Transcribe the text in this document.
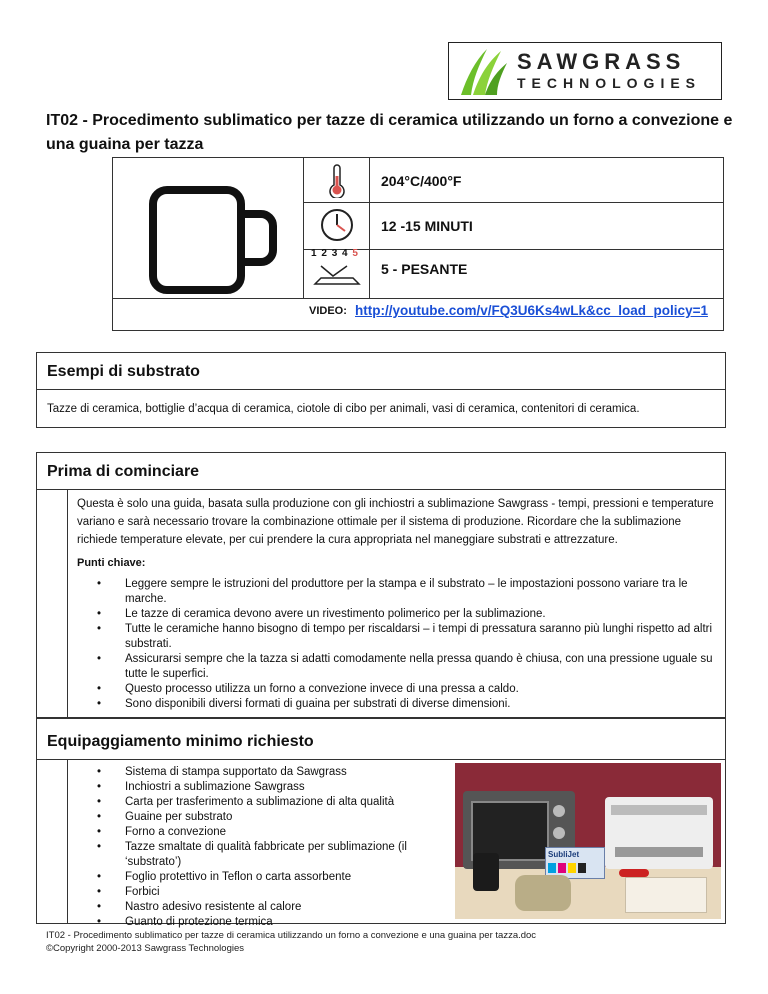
SAWGRASS
TECHNOLOGIES
IT02 - Procedimento sublimatico per tazze di ceramica utilizzando un forno a convezione e una guaina per tazza
204°C/400°F
12 -15 MINUTI
1 2 3 4 5
5 - PESANTE
VIDEO: http://youtube.com/v/FQ3U6Ks4wLk&cc_load_policy=1
Esempi di substrato
Tazze di ceramica, bottiglie d’acqua di ceramica, ciotole di cibo per animali, vasi di ceramica, contenitori di ceramica.
Prima di cominciare
Questa è solo una guida, basata sulla produzione con gli inchiostri a sublimazione Sawgrass - tempi, pressioni e temperature variano e sarà necessario trovare la combinazione ottimale per il sistema di produzione. Ricordare che la sublimazione richiede temperature elevate, per cui prendere la cura appropriata nel maneggiare substrati e attrezzature.
Punti chiave:
• Leggere sempre le istruzioni del produttore per la stampa e il substrato – le impostazioni possono variare tra le marche.
• Le tazze di ceramica devono avere un rivestimento polimerico per la sublimazione.
• Tutte le ceramiche hanno bisogno di tempo per riscaldarsi – i tempi di pressatura saranno più lunghi rispetto ad altri substrati.
• Assicurarsi sempre che la tazza si adatti comodamente nella pressa quando è chiusa, con una pressione uguale su tutte le superfici.
• Questo processo utilizza un forno a convezione invece di una pressa a caldo.
• Sono disponibili diversi formati di guaina per substrati di diverse dimensioni.
Equipaggiamento minimo richiesto
• Sistema di stampa supportato da Sawgrass
• Inchiostri a sublimazione Sawgrass
• Carta per trasferimento a sublimazione di alta qualità
• Guaine per substrato
• Forno a convezione
• Tazze smaltate di qualità fabbricate per sublimazione (il ‘substrato’)
• Foglio protettivo in Teflon o carta assorbente
• Forbici
• Nastro adesivo resistente al calore
• Guanto di protezione termica
SubliJet
IT02 - Procedimento sublimatico per tazze di ceramica utilizzando un forno a convezione e una guaina per tazza.doc
©Copyright 2000-2013 Sawgrass Technologies
